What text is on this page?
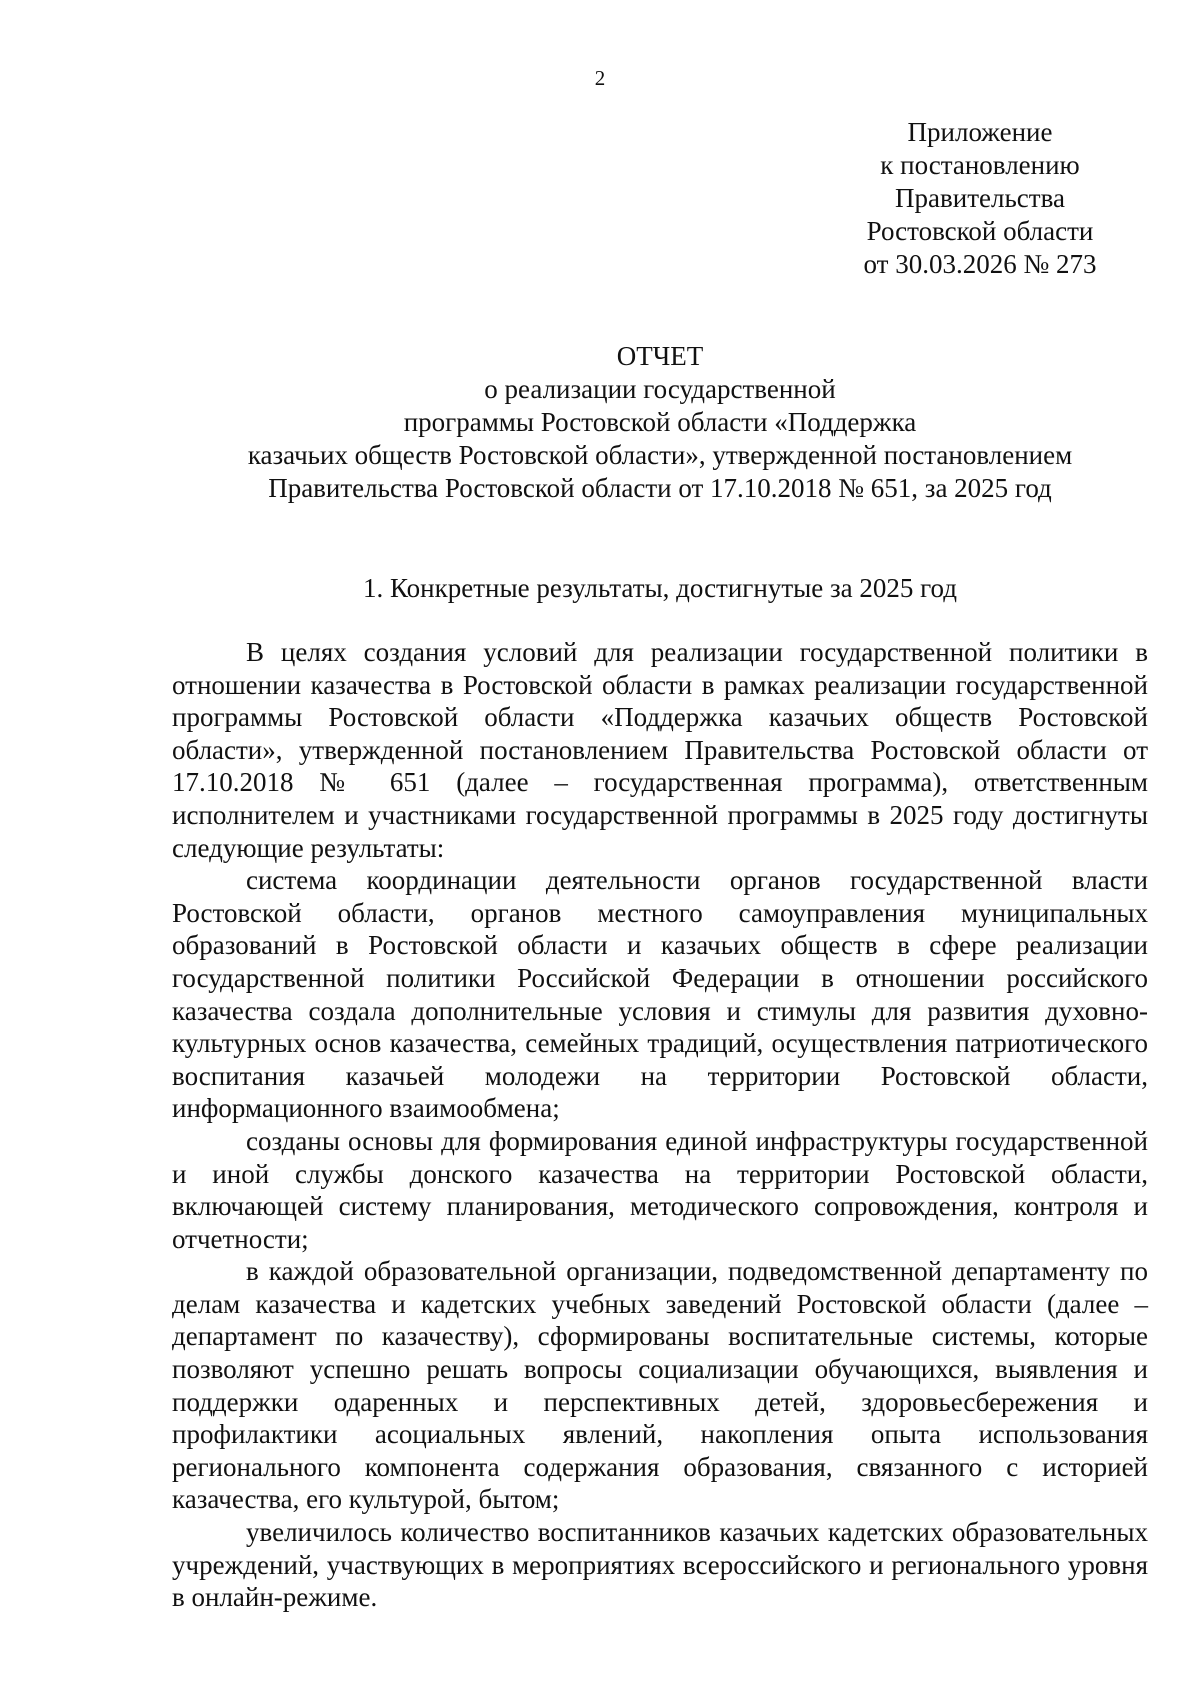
2
Приложение
к постановлению
Правительства
Ростовской области
от 30.03.2026 № 273
ОТЧЕТ
о реализации государственной
программы Ростовской области «Поддержка
казачьих обществ Ростовской области», утвержденной постановлением
Правительства Ростовской области от 17.10.2018 № 651, за 2025 год
1. Конкретные результаты, достигнутые за 2025 год

В целях создания условий для реализации государственной политики в отношении казачества в Ростовской области в рамках реализации государственной программы Ростовской области «Поддержка казачьих обществ Ростовской области», утвержденной постановлением Правительства Ростовской области от 17.10.2018 № 651 (далее – государственная программа), ответственным исполнителем и участниками государственной программы в 2025 году достигнуты следующие результаты:

система координации деятельности органов государственной власти Ростовской области, органов местного самоуправления муниципальных образований в Ростовской области и казачьих обществ в сфере реализации государственной политики Российской Федерации в отношении российского казачества создала дополнительные условия и стимулы для развития духовно-культурных основ казачества, семейных традиций, осуществления патриотического воспитания казачьей молодежи на территории Ростовской области, информационного взаимообмена;

созданы основы для формирования единой инфраструктуры государственной и иной службы донского казачества на территории Ростовской области, включающей систему планирования, методического сопровождения, контроля и отчетности;

в каждой образовательной организации, подведомственной департаменту по делам казачества и кадетских учебных заведений Ростовской области (далее – департамент по казачеству), сформированы воспитательные системы, которые позволяют успешно решать вопросы социализации обучающихся, выявления и поддержки одаренных и перспективных детей, здоровьесбережения и профилактики асоциальных явлений, накопления опыта использования регионального компонента содержания образования, связанного с историей казачества, его культурой, бытом;

увеличилось количество воспитанников казачьих кадетских образовательных учреждений, участвующих в мероприятиях всероссийского и регионального уровня в онлайн-режиме.
